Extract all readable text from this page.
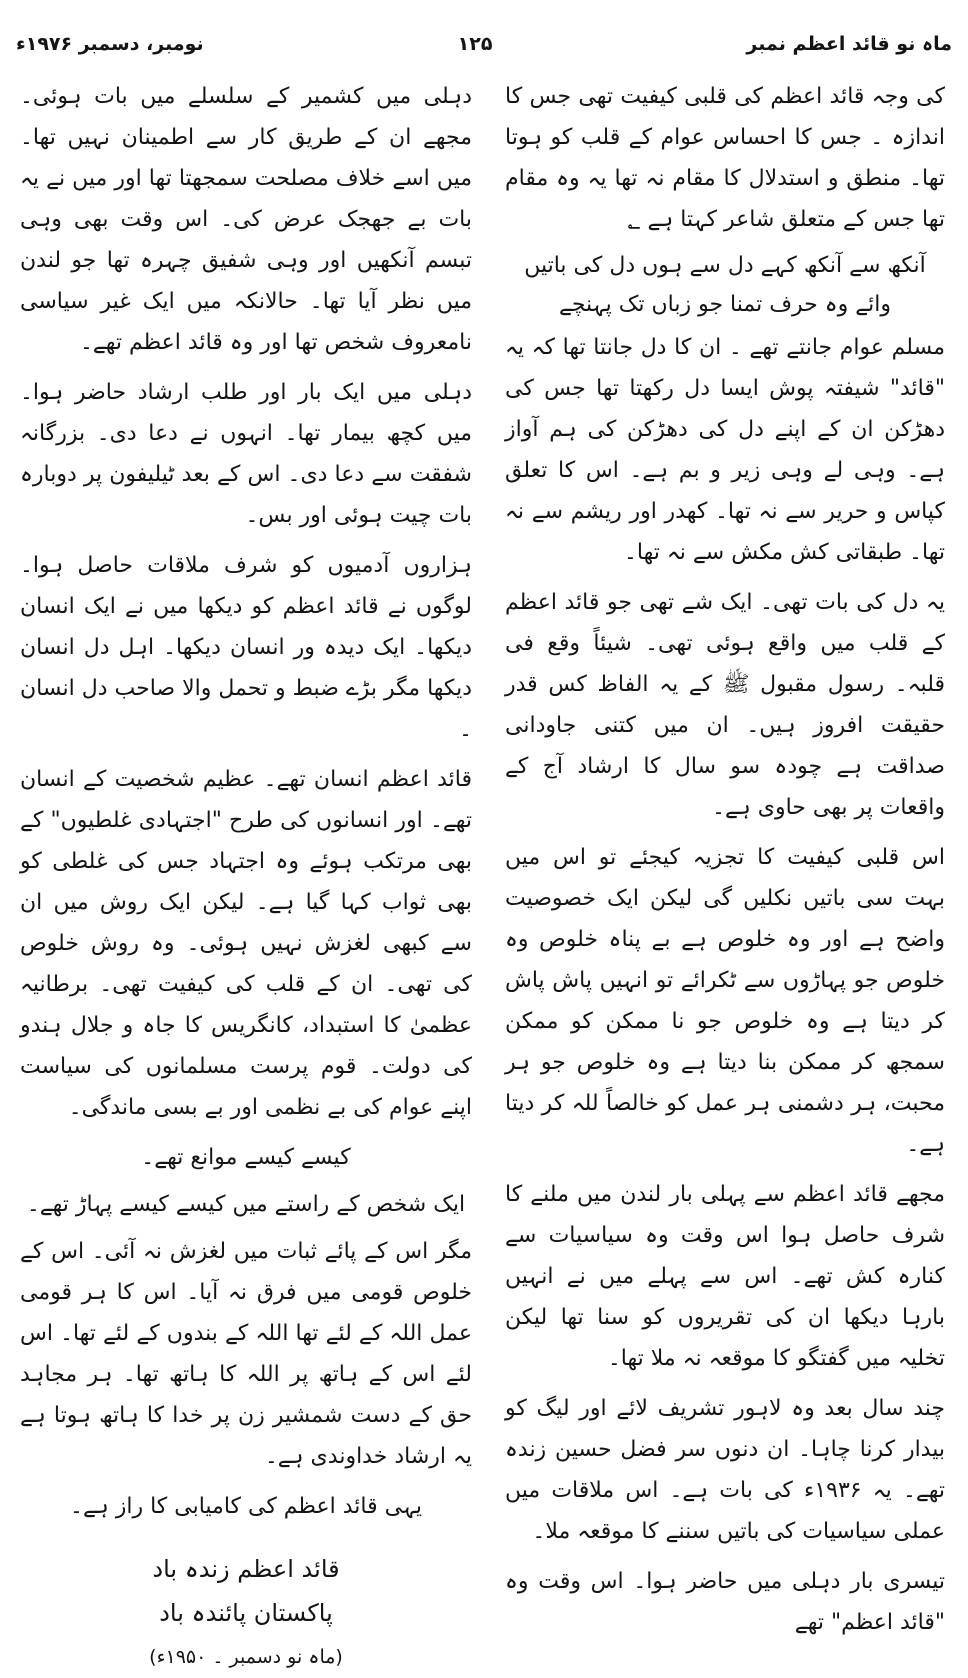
ماہ نو قائد اعظم نمبر
۱۲۵
نومبر، دسمبر ۱۹۷۶ء

کی وجہ قائد اعظم کی قلبی کیفیت تھی جس کا اندازہ ۔ جس کا احساس عوام کے قلب کو ہوتا تھا۔ منطق و استدلال کا مقام نہ تھا یہ وہ مقام تھا جس کے متعلق شاعر کہتا ہے ؂

آنکھ سے آنکھ کہے دل سے ہوں دل کی باتیں

وائے وہ حرف تمنا جو زباں تک پہنچے

مسلم عوام جانتے تھے ۔ ان کا دل جانتا تھا کہ یہ "قائد" شیفتہ پوش ایسا دل رکھتا تھا جس کی دھڑکن ان کے اپنے دل کی دھڑکن کی ہم آواز ہے۔ وہی لے وہی زیر و بم ہے۔ اس کا تعلق کپاس و حریر سے نہ تھا۔ کھدر اور ریشم سے نہ تھا۔ طبقاتی کش مکش سے نہ تھا۔

یہ دل کی بات تھی۔ ایک شے تھی جو قائد اعظم کے قلب میں واقع ہوئی تھی۔ شیئاً وقع فی قلبہ۔ رسول مقبول ﷺ کے یہ الفاظ کس قدر حقیقت افروز ہیں۔ ان میں کتنی جاودانی صداقت ہے چودہ سو سال کا ارشاد آج کے واقعات پر بھی حاوی ہے۔

اس قلبی کیفیت کا تجزیہ کیجئے تو اس میں بہت سی باتیں نکلیں گی لیکن ایک خصوصیت واضح ہے اور وہ خلوص ہے بے پناہ خلوص وہ خلوص جو پہاڑوں سے ٹکرائے تو انہیں پاش پاش کر دیتا ہے وہ خلوص جو نا ممکن کو ممکن سمجھ کر ممکن بنا دیتا ہے وہ خلوص جو ہر محبت، ہر دشمنی ہر عمل کو خالصاً للہ کر دیتا ہے۔

مجھے قائد اعظم سے پہلی بار لندن میں ملنے کا شرف حاصل ہوا اس وقت وہ سیاسیات سے کنارہ کش تھے۔ اس سے پہلے میں نے انہیں بارہا دیکھا ان کی تقریروں کو سنا تھا لیکن تخلیہ میں گفتگو کا موقعہ نہ ملا تھا۔

چند سال بعد وہ لاہور تشریف لائے اور لیگ کو بیدار کرنا چاہا۔ ان دنوں سر فضل حسین زندہ تھے۔ یہ ۱۹۳۶ء کی بات ہے۔ اس ملاقات میں عملی سیاسیات کی باتیں سننے کا موقعہ ملا۔

تیسری بار دہلی میں حاضر ہوا۔ اس وقت وہ "قائد اعظم" تھے

دہلی میں کشمیر کے سلسلے میں بات ہوئی۔ مجھے ان کے طریق کار سے اطمینان نہیں تھا۔ میں اسے خلاف مصلحت سمجھتا تھا اور میں نے یہ بات بے جھجک عرض کی۔ اس وقت بھی وہی تبسم آنکھیں اور وہی شفیق چہرہ تھا جو لندن میں نظر آیا تھا۔ حالانکہ میں ایک غیر سیاسی نامعروف شخص تھا اور وہ قائد اعظم تھے۔

دہلی میں ایک بار اور طلب ارشاد حاضر ہوا۔ میں کچھ بیمار تھا۔ انہوں نے دعا دی۔ بزرگانہ شفقت سے دعا دی۔ اس کے بعد ٹیلیفون پر دوبارہ بات چیت ہوئی اور بس۔

ہزاروں آدمیوں کو شرف ملاقات حاصل ہوا۔ لوگوں نے قائد اعظم کو دیکھا میں نے ایک انسان دیکھا۔ ایک دیدہ ور انسان دیکھا۔ اہل دل انسان دیکھا مگر بڑے ضبط و تحمل والا صاحب دل انسان ۔

قائد اعظم انسان تھے۔ عظیم شخصیت کے انسان تھے۔ اور انسانوں کی طرح "اجتہادی غلطیوں" کے بھی مرتکب ہوئے وہ اجتہاد جس کی غلطی کو بھی ثواب کہا گیا ہے۔ لیکن ایک روش میں ان سے کبھی لغزش نہیں ہوئی۔ وہ روش خلوص کی تھی۔ ان کے قلب کی کیفیت تھی۔ برطانیہ عظمیٰ کا استبداد، کانگریس کا جاہ و جلال ہندو کی دولت۔ قوم پرست مسلمانوں کی سیاست اپنے عوام کی بے نظمی اور بے بسی ماندگی۔

کیسے کیسے موانع تھے۔

ایک شخص کے راستے میں کیسے کیسے پہاڑ تھے۔

مگر اس کے پائے ثبات میں لغزش نہ آئی۔ اس کے خلوص قومی میں فرق نہ آیا۔ اس کا ہر قومی عمل اللہ کے لئے تھا اللہ کے بندوں کے لئے تھا۔ اس لئے اس کے ہاتھ پر اللہ کا ہاتھ تھا۔ ہر مجاہد حق کے دست شمشیر زن پر خدا کا ہاتھ ہوتا ہے یہ ارشاد خداوندی ہے۔

یہی قائد اعظم کی کامیابی کا راز ہے۔

قائد اعظم زندہ باد
پاکستان پائندہ باد
(ماہ نو دسمبر ۔ ۱۹۵۰ء)
